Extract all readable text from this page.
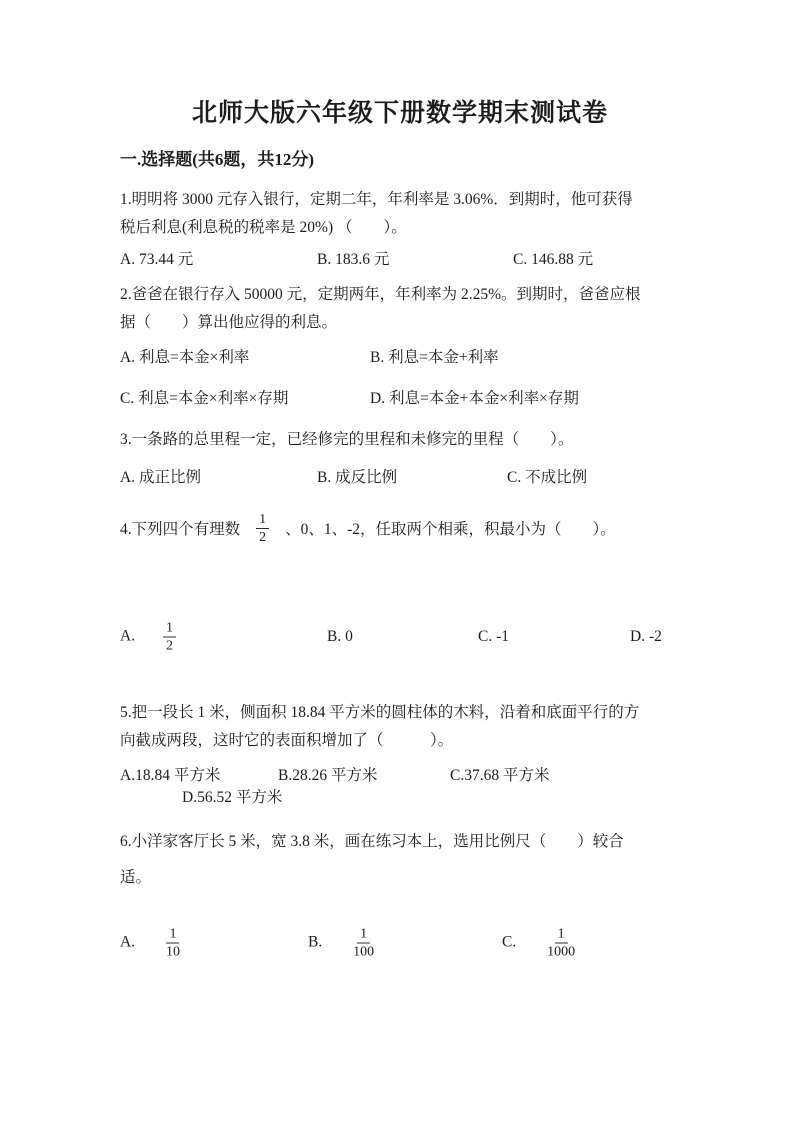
北师大版六年级下册数学期末测试卷
一.选择题(共6题，共12分)
1.明明将 3000 元存入银行，定期二年，年利率是 3.06%．到期时，他可获得
税后利息(利息税的税率是 20%) （　　）。
A. 73.44 元	B. 183.6 元	C. 146.88 元
2.爸爸在银行存入 50000 元，定期两年，年利率为 2.25%。到期时，爸爸应根
据（　　）算出他应得的利息。
A. 利息=本金×利率	B. 利息=本金+利率
C. 利息=本金×利率×存期	D. 利息=本金+本金×利率×存期
3.一条路的总里程一定，已经修完的里程和未修完的里程（　　）。
A. 成正比例	B. 成反比例	C. 不成比例
4.下列四个有理数 $\frac{1}{2}$ 、0、1、-2，任取两个相乘，积最小为（　　）。
A. $\frac{1}{2}$	B. 0	C. -1	D. -2
5.把一段长 1 米，侧面积 18.84 平方米的圆柱体的木料，沿着和底面平行的方
向截成两段，这时它的表面积增加了（　　　）。
A.18.84 平方米	B.28.26 平方米	C.37.68 平方米
D.56.52 平方米
6.小洋家客厅长 5 米，宽 3.8 米，画在练习本上，选用比例尺（　　）较合
适。
A. $\frac{1}{10}$	B. $\frac{1}{100}$	C. $\frac{1}{1000}$
